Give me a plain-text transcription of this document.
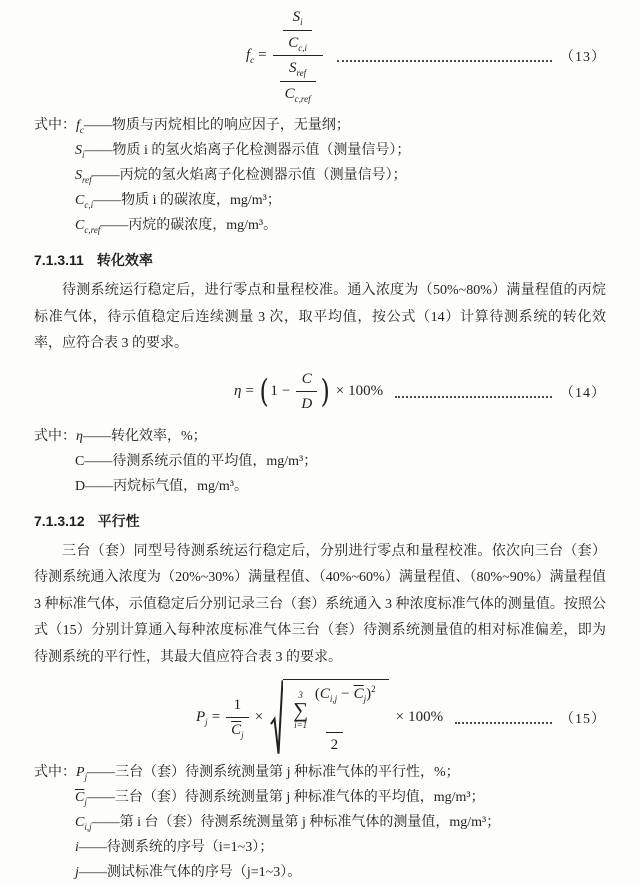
$f_c = \frac{\frac{S_i}{C_{c,i}}}{\frac{S_{ref}}{C_{c,ref}}}$	（13）
式中：$f_c——$物质与丙烷相比的响应因子，无量纲；
$S_i——$物质 i 的氢火焰离子化检测器示值（测量信号）；
$S_{ref}——$丙烷的氢火焰离子化检测器示值（测量信号）；
$C_{c,i}——$物质 i 的碳浓度，mg/m³；
$C_{c,ref}——$丙烷的碳浓度，mg/m³。
7.1.3.11 转化效率

待测系统运行稳定后，进行零点和量程校准。通入浓度为（50%~80%）满量程值的丙烷标准气体，待示值稳定后连续测量 3 次，取平均值，按公式（14）计算待测系统的转化效率，应符合表 3 的要求。

η = ( $1 - \frac{C}{D}$ ) × 100%	（14）
式中：η——转化效率，%；
C——待测系统示值的平均值，mg/m³；
D——丙烷标气值，mg/m³。
7.1.3.12 平行性

三台（套）同型号待测系统运行稳定后，分别进行零点和量程校准。依次向三台（套）待测系统通入浓度为（20%~30%）满量程值、（40%~60%）满量程值、（80%~90%）满量程值 3 种标准气体，示值稳定后分别记录三台（套）系统通入 3 种浓度标准气体的测量值。按照公式（15）分别计算通入每种浓度标准气体三台（套）待测系统测量值的相对标准偏差，即为待测系统的平行性，其最大值应符合表 3 的要求。

$P_j = \frac{1}{\overline{C}_j}$ ×
3
∑
i=1
$(C_{i,j} - \overline{C}_j)^2$
2
× 100%	（15）
式中：$P_j——$三台（套）待测系统测量第 j 种标准气体的平行性，%；
$\overline{C}_j——$三台（套）待测系统测量第 j 种标准气体的平均值，mg/m³；
$C_{i,j}——$第 i 台（套）待测系统测量第 j 种标准气体的测量值，mg/m³；
i——待测系统的序号（i=1~3）；
j——测试标准气体的序号（j=1~3）。
